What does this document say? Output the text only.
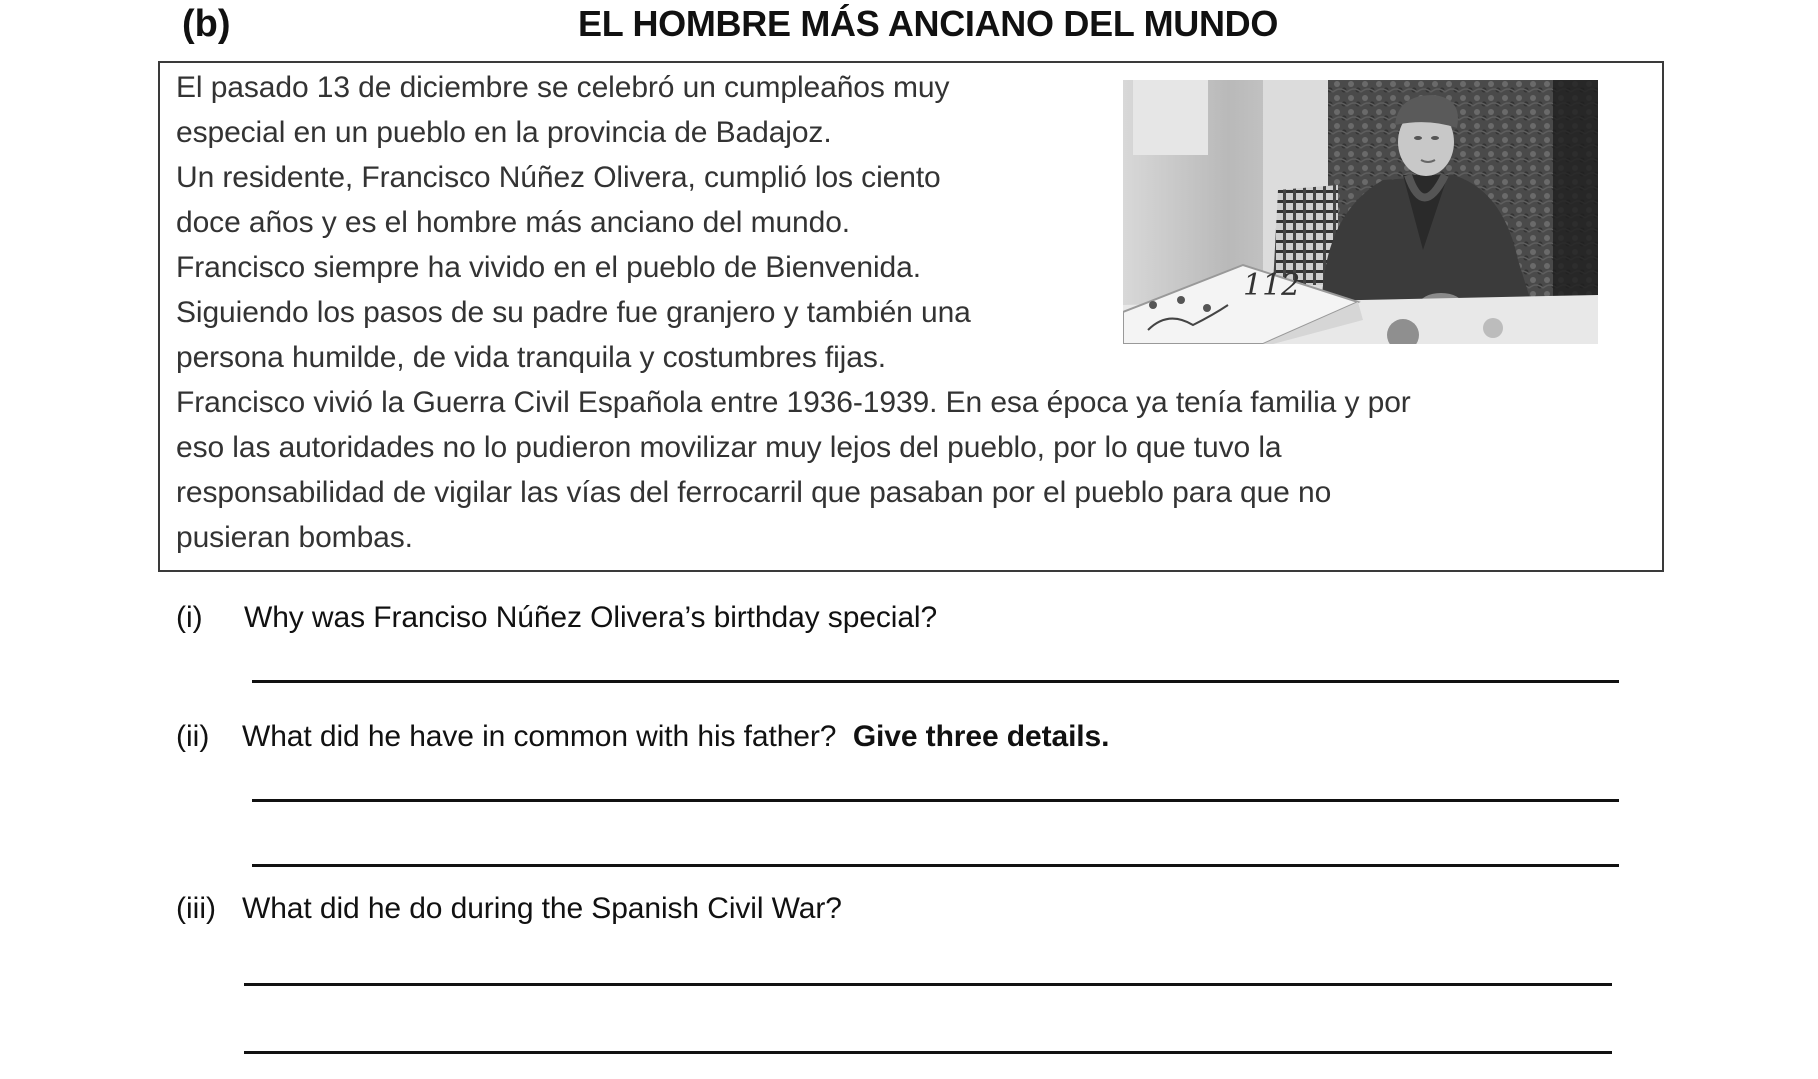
(b)	EL HOMBRE MÁS ANCIANO DEL MUNDO
El pasado 13 de diciembre se celebró un cumpleaños muy
especial en un pueblo en la provincia de Badajoz.
Un residente, Francisco Núñez Olivera, cumplió los ciento
doce años y es el hombre más anciano del mundo.
Francisco siempre ha vivido en el pueblo de Bienvenida.
Siguiendo los pasos de su padre fue granjero y también una
persona humilde, de vida tranquila y costumbres fijas.
Francisco vivió la Guerra Civil Española entre 1936-1939. En esa época ya tenía familia y por
eso las autoridades no lo pudieron movilizar muy lejos del pueblo, por lo que tuvo la
responsabilidad de vigilar las vías del ferrocarril que pasaban por el pueblo para que no
pusieran bombas.
112
(i) Why was Franciso Núñez Olivera’s birthday special?
(ii) What did he have in common with his father?  Give three details.
(iii) What did he do during the Spanish Civil War?
